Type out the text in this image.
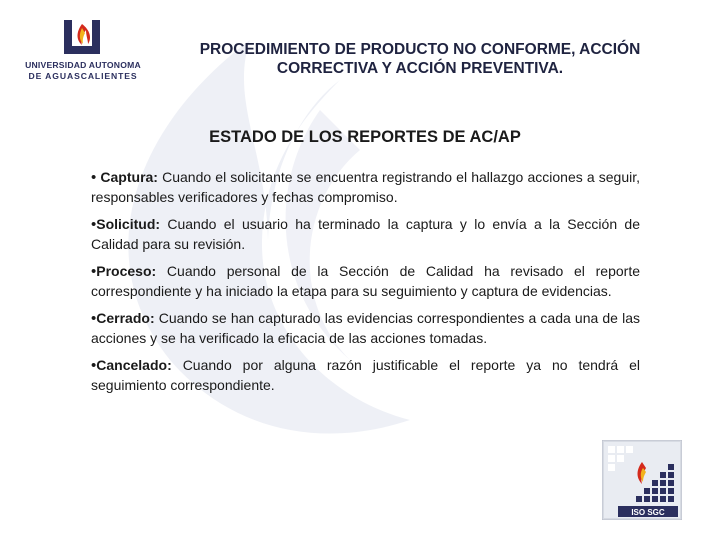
UNIVERSIDAD AUTONOMA
DE AGUASCALIENTES
PROCEDIMIENTO DE PRODUCTO NO CONFORME, ACCIÓN CORRECTIVA Y ACCIÓN PREVENTIVA.
ESTADO DE LOS REPORTES DE AC/AP

• Captura: Cuando el solicitante se encuentra registrando el hallazgo acciones a seguir, responsables verificadores y fechas compromiso.

•Solicitud: Cuando el usuario ha terminado la captura y lo envía a la Sección de Calidad para su revisión.

•Proceso: Cuando personal de la Sección de Calidad ha revisado el reporte correspondiente y ha iniciado la etapa para su seguimiento y captura de evidencias.

•Cerrado: Cuando se han capturado las evidencias correspondientes a cada una de las acciones y se ha verificado la eficacia de las acciones tomadas.

•Cancelado: Cuando por alguna razón justificable el reporte ya no tendrá el seguimiento correspondiente.

ISO SGC
